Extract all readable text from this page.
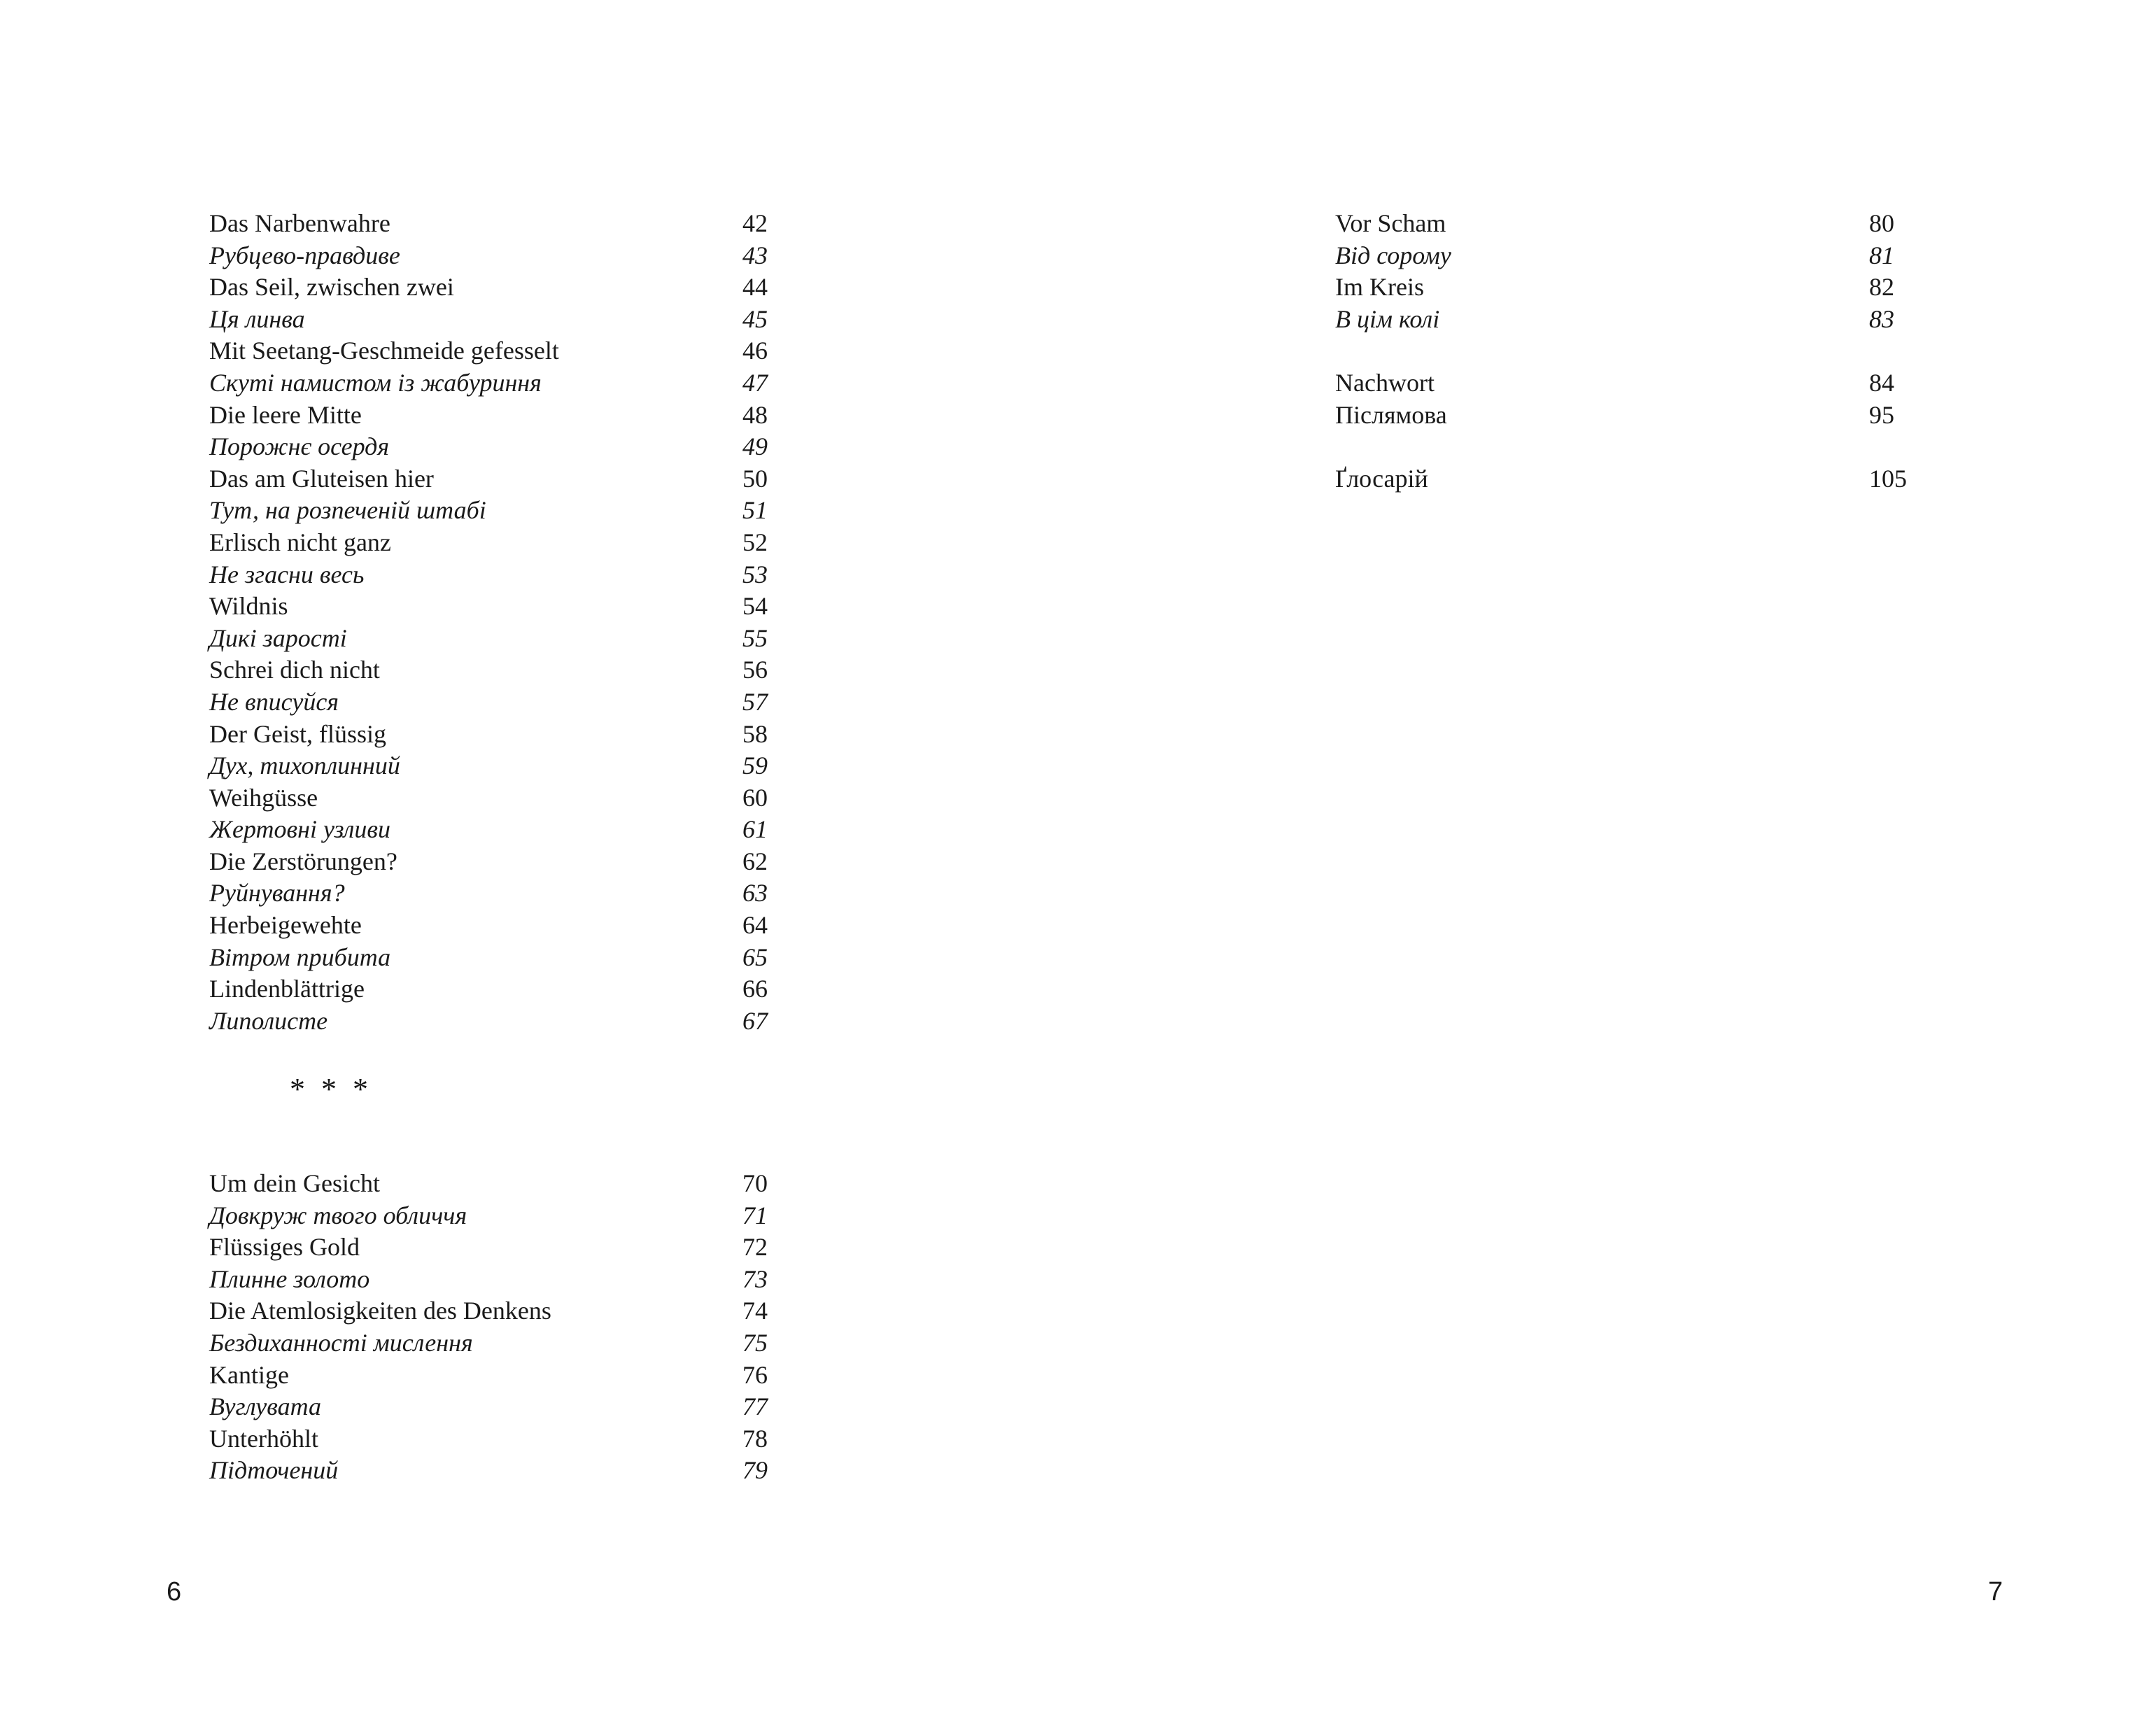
Das Narbenwahre	42
Рубцево-правдиве	43
Das Seil, zwischen zwei	44
Ця линва	45
Mit Seetang-Geschmeide gefesselt	46
Скуті намистом із жабуриння	47
Die leere Mitte	48
Порожнє осердя	49
Das am Gluteisen hier	50
Тут, на розпеченій штабі	51
Erlisch nicht ganz	52
Не згасни весь	53
Wildnis	54
Дикі зарості	55
Schrei dich nicht	56
Не вписуйся	57
Der Geist, flüssig	58
Дух, тихоплинний	59
Weihgüsse	60
Жертовні узливи	61
Die Zerstörungen?	62
Руйнування?	63
Herbeigewehte	64
Вітром прибита	65
Lindenblättrige	66
Липолисте	67
* * *
Um dein Gesicht	70
Довкруж твого обличчя	71
Flüssiges Gold	72
Плинне золото	73
Die Atemlosigkeiten des Denkens	74
Бездиханності мислення	75
Kantige	76
Вуглувата	77
Unterhöhlt	78
Підточений	79
6
Vor Scham	80
Від сорому	81
Im Kreis	82
В цім колі	83
Nachwort	84
Післямова	95
Ґлосарій	105
7
